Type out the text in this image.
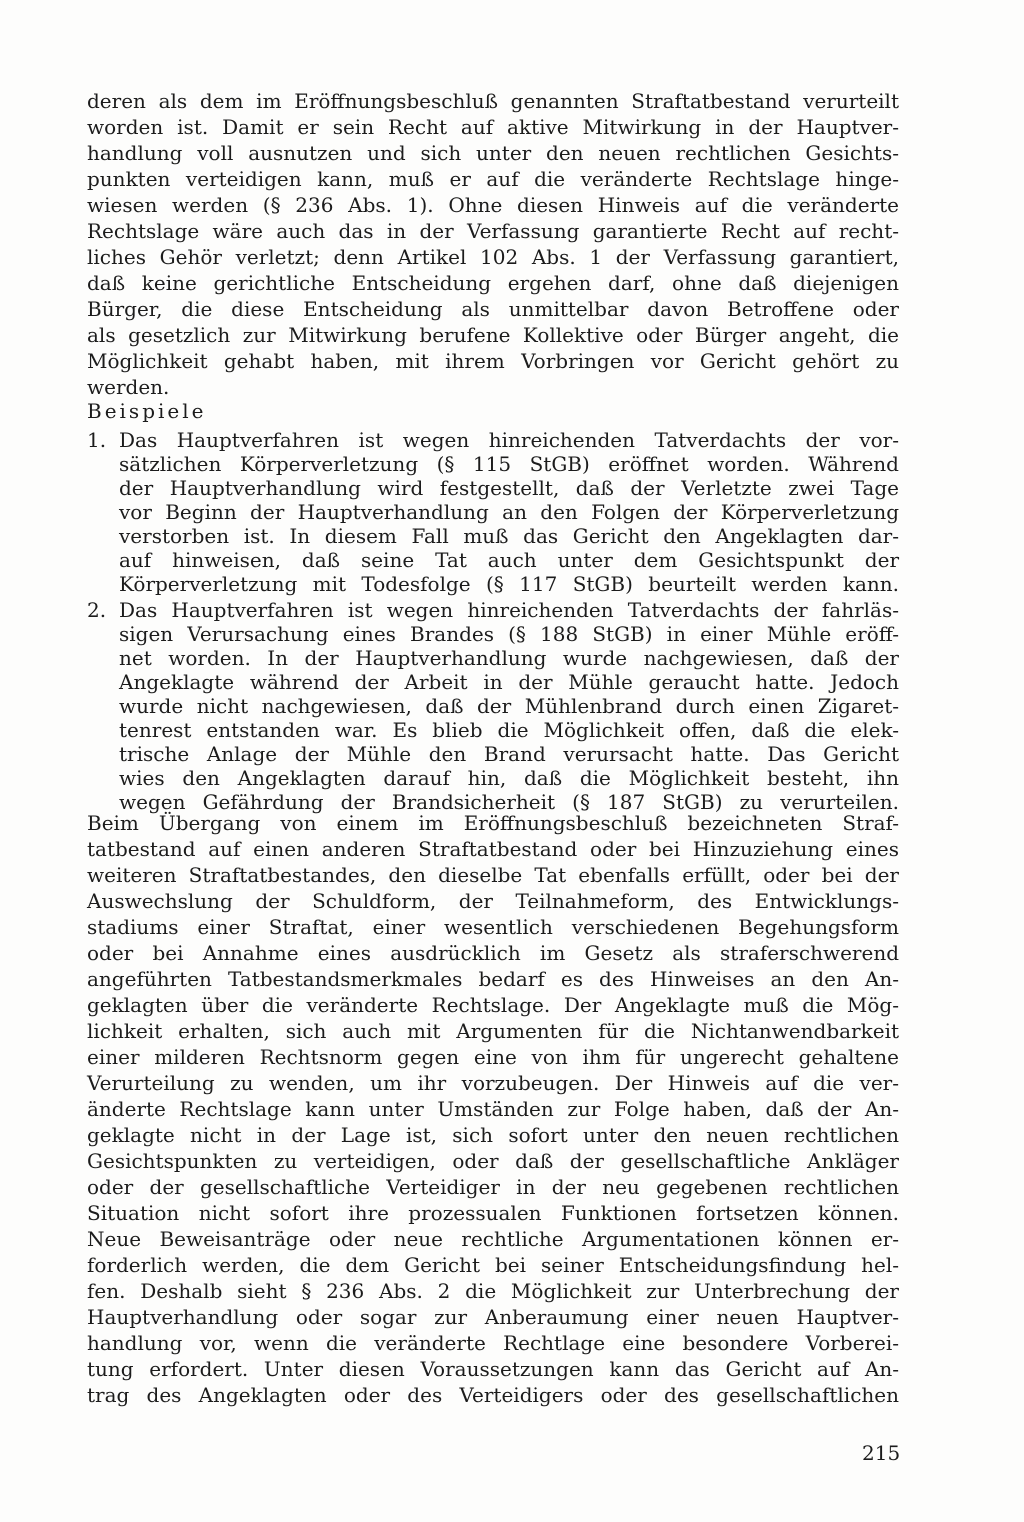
deren als dem im Eröffnungsbeschluß genannten Straftatbestand verurteilt

worden ist. Damit er sein Recht auf aktive Mitwirkung in der Hauptver-

handlung voll ausnutzen und sich unter den neuen rechtlichen Gesichts-

punkten verteidigen kann, muß er auf die veränderte Rechtslage hinge-

wiesen werden (§ 236 Abs. 1). Ohne diesen Hinweis auf die veränderte

Rechtslage wäre auch das in der Verfassung garantierte Recht auf recht-

liches Gehör verletzt; denn Artikel 102 Abs. 1 der Verfassung garantiert,

daß keine gerichtliche Entscheidung ergehen darf, ohne daß diejenigen

Bürger, die diese Entscheidung als unmittelbar davon Betroffene oder

als gesetzlich zur Mitwirkung berufene Kollektive oder Bürger angeht, die

Möglichkeit gehabt haben, mit ihrem Vorbringen vor Gericht gehört zu

werden.

Beispiele

1. Das Hauptverfahren ist wegen hinreichenden Tatverdachts der vor-

sätzlichen Körperverletzung (§ 115 StGB) eröffnet worden. Während

der Hauptverhandlung wird festgestellt, daß der Verletzte zwei Tage

vor Beginn der Hauptverhandlung an den Folgen der Körperverletzung

verstorben ist. In diesem Fall muß das Gericht den Angeklagten dar-

auf hinweisen, daß seine Tat auch unter dem Gesichtspunkt der

Körperverletzung mit Todesfolge (§ 117 StGB) beurteilt werden kann.

2. Das Hauptverfahren ist wegen hinreichenden Tatverdachts der fahrläs-

sigen Verursachung eines Brandes (§ 188 StGB) in einer Mühle eröff-

net worden. In der Hauptverhandlung wurde nachgewiesen, daß der

Angeklagte während der Arbeit in der Mühle geraucht hatte. Jedoch

wurde nicht nachgewiesen, daß der Mühlenbrand durch einen Zigaret-

tenrest entstanden war. Es blieb die Möglichkeit offen, daß die elek-

trische Anlage der Mühle den Brand verursacht hatte. Das Gericht

wies den Angeklagten darauf hin, daß die Möglichkeit besteht, ihn

wegen Gefährdung der Brandsicherheit (§ 187 StGB) zu verurteilen.

Beim Übergang von einem im Eröffnungsbeschluß bezeichneten Straf-

tatbestand auf einen anderen Straftatbestand oder bei Hinzuziehung eines

weiteren Straftatbestandes, den dieselbe Tat ebenfalls erfüllt, oder bei der

Auswechslung der Schuldform, der Teilnahmeform, des Entwicklungs-

stadiums einer Straftat, einer wesentlich verschiedenen Begehungsform

oder bei Annahme eines ausdrücklich im Gesetz als straferschwerend

angeführten Tatbestandsmerkmales bedarf es des Hinweises an den An-

geklagten über die veränderte Rechtslage. Der Angeklagte muß die Mög-

lichkeit erhalten, sich auch mit Argumenten für die Nichtanwendbarkeit

einer milderen Rechtsnorm gegen eine von ihm für ungerecht gehaltene

Verurteilung zu wenden, um ihr vorzubeugen. Der Hinweis auf die ver-

änderte Rechtslage kann unter Umständen zur Folge haben, daß der An-

geklagte nicht in der Lage ist, sich sofort unter den neuen rechtlichen

Gesichtspunkten zu verteidigen, oder daß der gesellschaftliche Ankläger

oder der gesellschaftliche Verteidiger in der neu gegebenen rechtlichen

Situation nicht sofort ihre prozessualen Funktionen fortsetzen können.

Neue Beweisanträge oder neue rechtliche Argumentationen können er-

forderlich werden, die dem Gericht bei seiner Entscheidungsfindung hel-

fen. Deshalb sieht § 236 Abs. 2 die Möglichkeit zur Unterbrechung der

Hauptverhandlung oder sogar zur Anberaumung einer neuen Hauptver-

handlung vor, wenn die veränderte Rechtlage eine besondere Vorberei-

tung erfordert. Unter diesen Voraussetzungen kann das Gericht auf An-

trag des Angeklagten oder des Verteidigers oder des gesellschaftlichen

215
